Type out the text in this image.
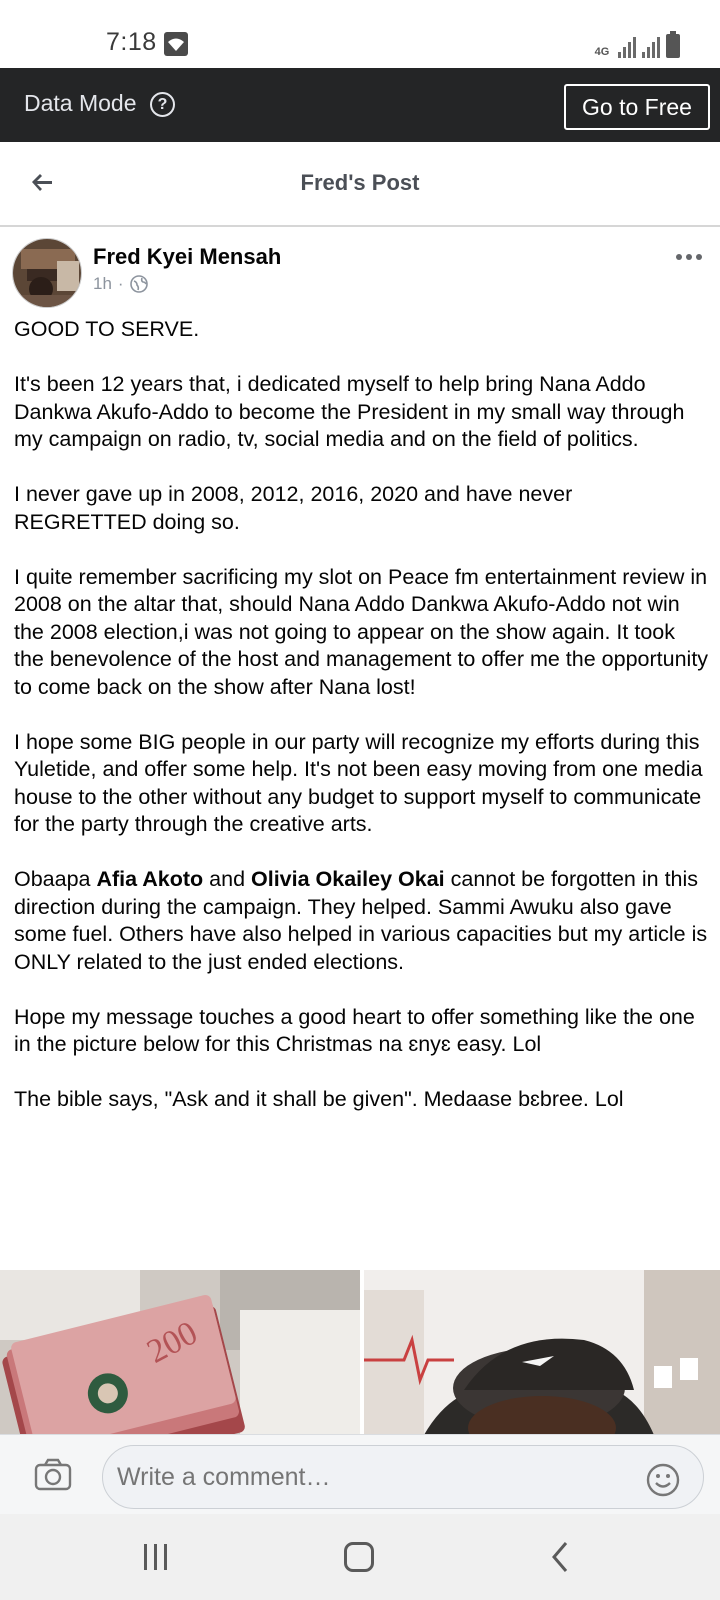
7:18	4G
Data Mode	?	Go to Free
Fred's Post
Fred Kyei Mensah
1h ·

GOOD TO SERVE.

It's been 12 years that, i dedicated myself to help bring Nana Addo Dankwa Akufo-Addo to become the President in my small way through my campaign on radio, tv, social media and on the field of politics.

I never gave up in 2008, 2012, 2016, 2020 and have never REGRETTED doing so.

I quite remember sacrificing my slot on Peace fm entertainment review in 2008 on the altar that, should Nana Addo Dankwa Akufo-Addo not win the 2008 election,i was not going to appear on the show again. It took the benevolence of the host and management to offer me the opportunity to come back on the show after Nana lost!

I hope some BIG people in our party will recognize my efforts during this Yuletide, and offer some help. It's not been easy moving from one media house to the other without any budget to support myself to communicate for the party through the creative arts.

Obaapa Afia Akoto and Olivia Okailey Okai cannot be forgotten in this direction during the campaign. They helped. Sammi Awuku also gave some fuel. Others have also helped in various capacities but my article is ONLY related to the just ended elections.

Hope my message touches a good heart to offer something like the one in the picture below for this Christmas na ɛnyɛ easy. Lol

The bible says, "Ask and it shall be given". Medaase bɛbree. Lol

200
Write a comment…
